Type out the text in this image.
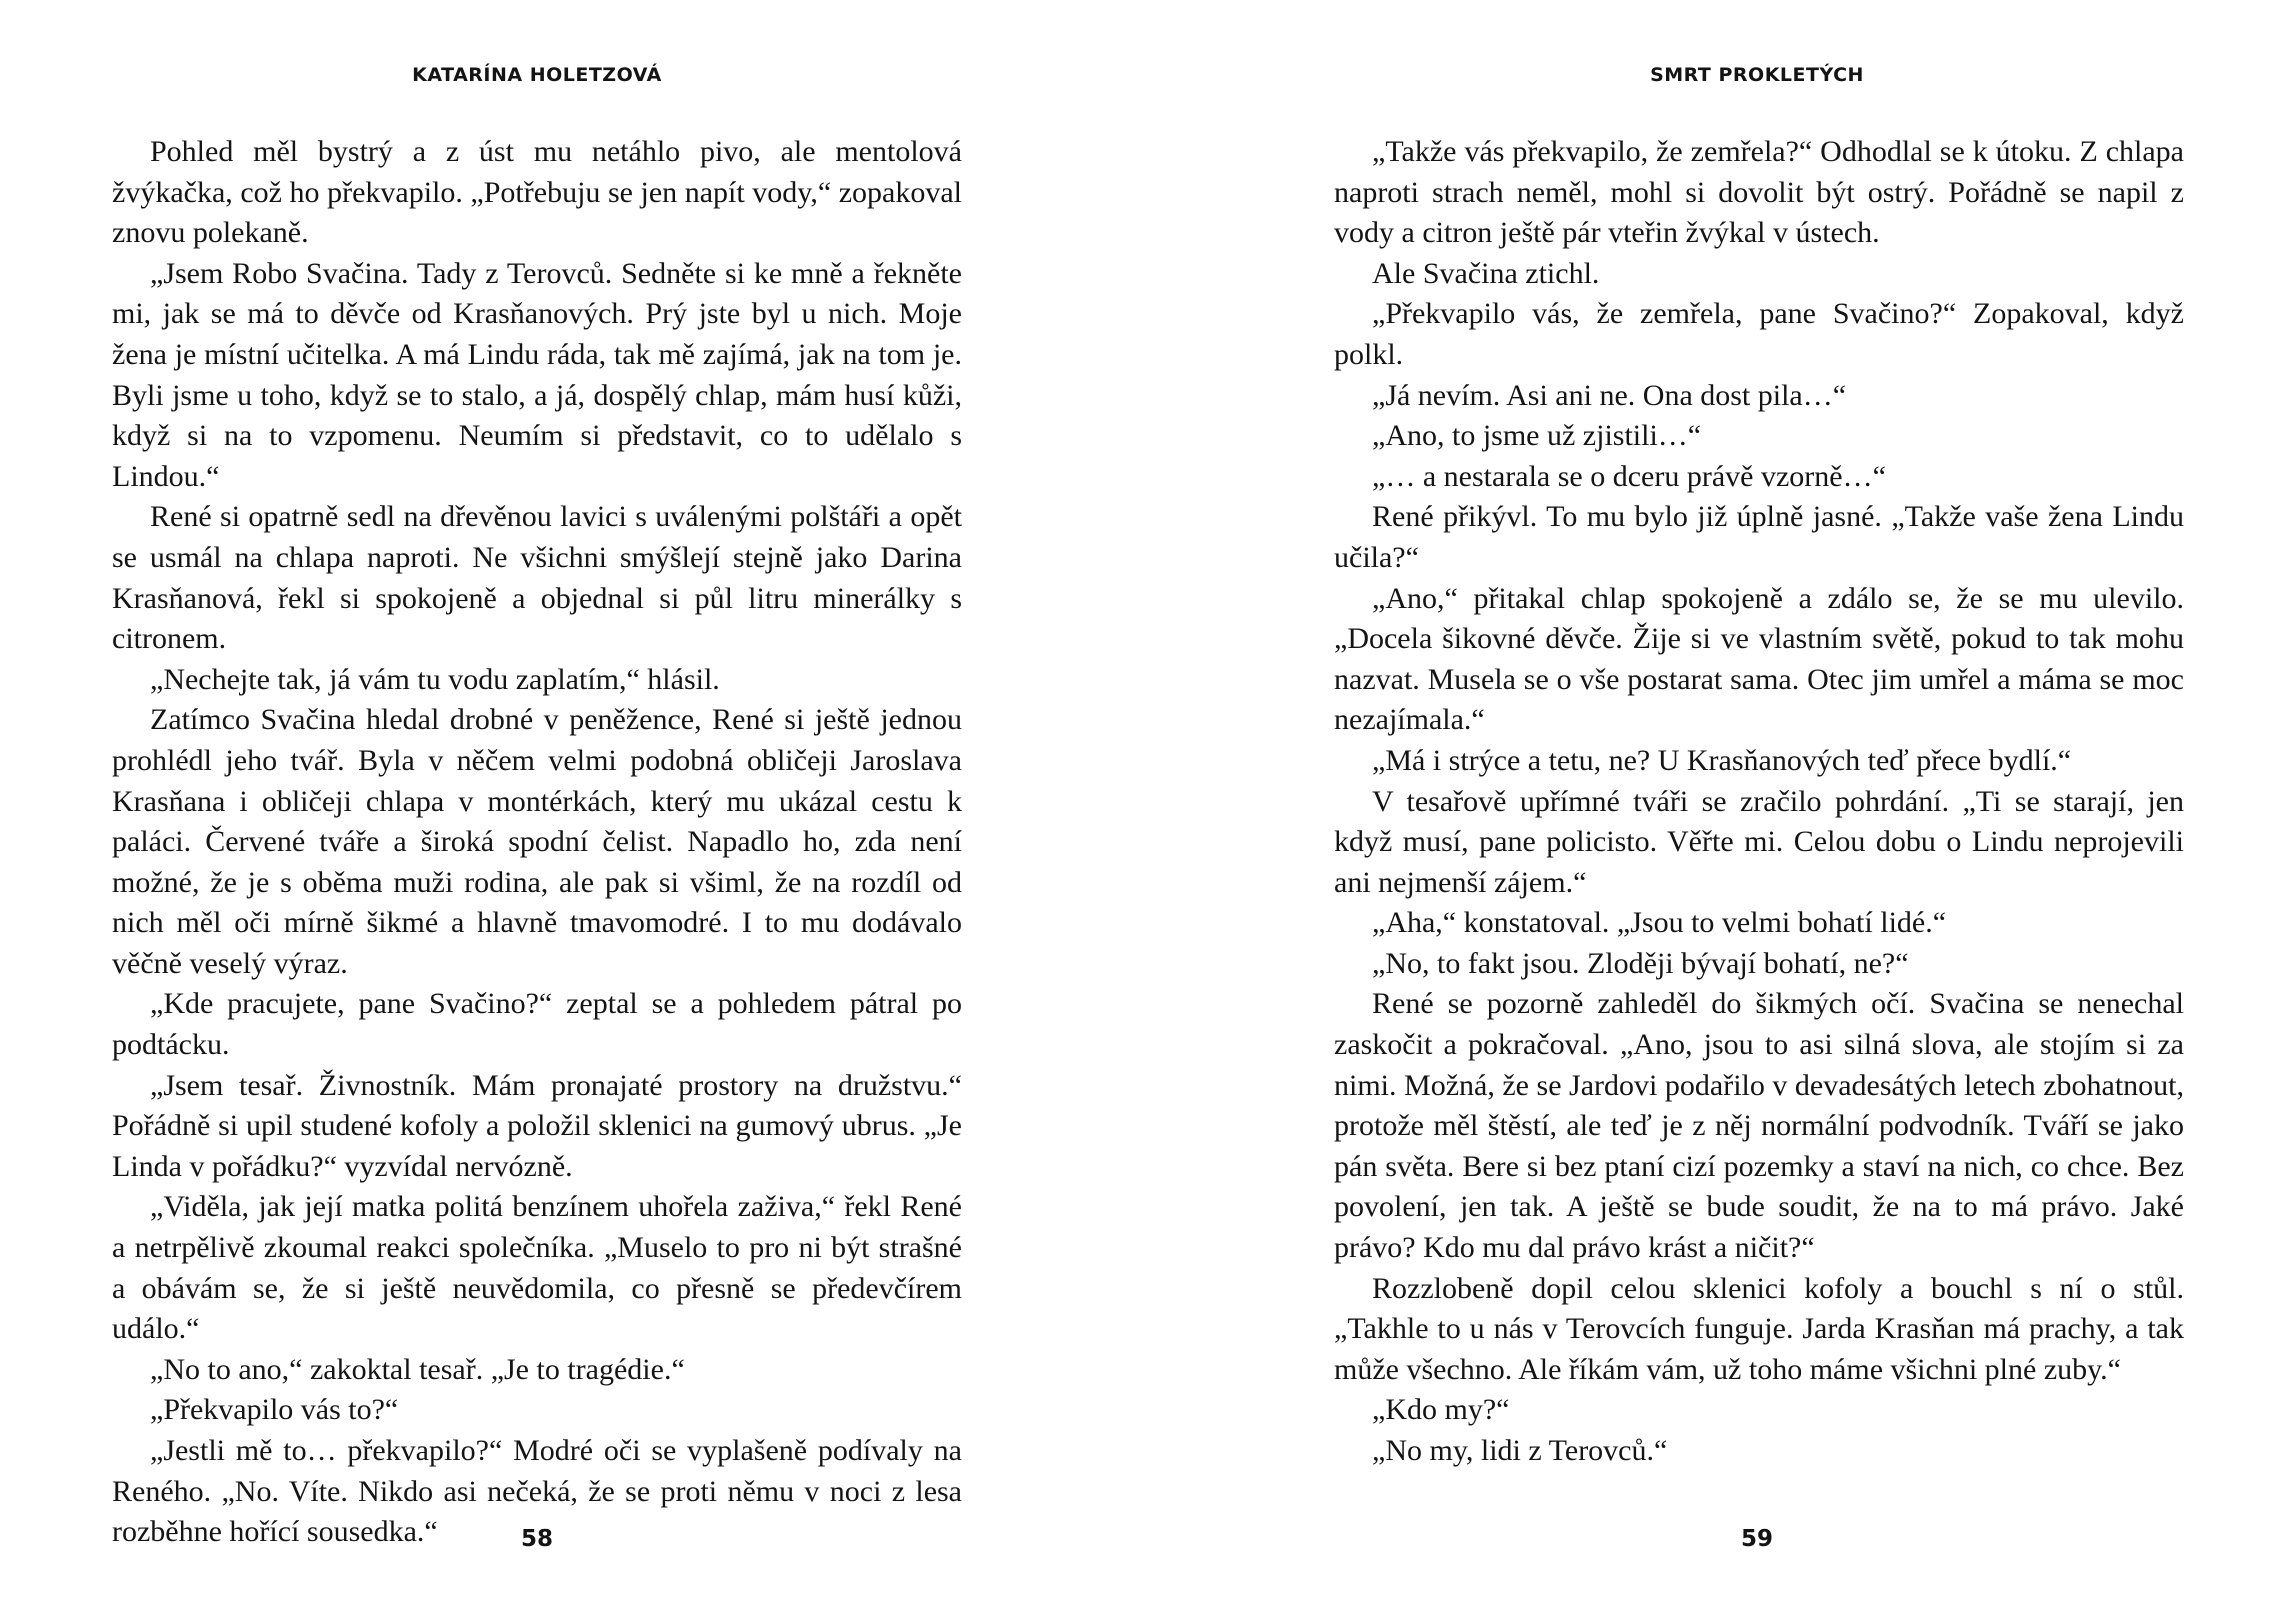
KATARÍNA HOLETZOVÁ

Pohled měl bystrý a z úst mu netáhlo pivo, ale mentolová žvýkačka, což ho překvapilo. „Potřebuju se jen napít vody,“ zopakoval znovu polekaně.

„Jsem Robo Svačina. Tady z Terovců. Sedněte si ke mně a řekněte mi, jak se má to děvče od Krasňanových. Prý jste byl u nich. Moje žena je místní učitelka. A má Lindu ráda, tak mě zajímá, jak na tom je. Byli jsme u toho, když se to stalo, a já, dospělý chlap, mám husí kůži, když si na to vzpomenu. Neumím si představit, co to udělalo s Lindou.“

René si opatrně sedl na dřevěnou lavici s uválenými polštáři a opět se usmál na chlapa naproti. Ne všichni smýšlejí stejně jako Darina Krasňanová, řekl si spokojeně a objednal si půl litru minerálky s citronem.

„Nechejte tak, já vám tu vodu zaplatím,“ hlásil.

Zatímco Svačina hledal drobné v peněžence, René si ještě jednou prohlédl jeho tvář. Byla v něčem velmi podobná obličeji Jaroslava Krasňana i obličeji chlapa v montérkách, který mu ukázal cestu k paláci. Červené tváře a široká spodní čelist. Napadlo ho, zda není možné, že je s oběma muži rodina, ale pak si všiml, že na rozdíl od nich měl oči mírně šikmé a hlavně tmavomodré. I to mu dodávalo věčně veselý výraz.

„Kde pracujete, pane Svačino?“ zeptal se a pohledem pátral po podtácku.

„Jsem tesař. Živnostník. Mám pronajaté prostory na družstvu.“ Pořádně si upil studené kofoly a položil sklenici na gumový ubrus. „Je Linda v pořádku?“ vyzvídal nervózně.

„Viděla, jak její matka politá benzínem uhořela zaživa,“ řekl René a netrpělivě zkoumal reakci společníka. „Muselo to pro ni být strašné a obávám se, že si ještě neuvědomila, co přesně se předevčírem událo.“

„No to ano,“ zakoktal tesař. „Je to tragédie.“

„Překvapilo vás to?“

„Jestli mě to… překvapilo?“ Modré oči se vyplašeně podívaly na Reného. „No. Víte. Nikdo asi nečeká, že se proti němu v noci z lesa rozběhne hořící sousedka.“	58
SMRT PROKLETÝCH

„Takže vás překvapilo, že zemřela?“ Odhodlal se k útoku. Z chlapa naproti strach neměl, mohl si dovolit být ostrý. Pořádně se napil z vody a citron ještě pár vteřin žvýkal v ústech.

Ale Svačina ztichl.

„Překvapilo vás, že zemřela, pane Svačino?“ Zopakoval, když polkl.

„Já nevím. Asi ani ne. Ona dost pila…“

„Ano, to jsme už zjistili…“

„… a nestarala se o dceru právě vzorně…“

René přikývl. To mu bylo již úplně jasné. „Takže vaše žena Lindu učila?“

„Ano,“ přitakal chlap spokojeně a zdálo se, že se mu ulevilo. „Docela šikovné děvče. Žije si ve vlastním světě, pokud to tak mohu nazvat. Musela se o vše postarat sama. Otec jim umřel a máma se moc nezajímala.“

„Má i strýce a tetu, ne? U Krasňanových teď přece bydlí.“

V tesařově upřímné tváři se zračilo pohrdání. „Ti se starají, jen když musí, pane policisto. Věřte mi. Celou dobu o Lindu neprojevili ani nejmenší zájem.“

„Aha,“ konstatoval. „Jsou to velmi bohatí lidé.“

„No, to fakt jsou. Zloději bývají bohatí, ne?“

René se pozorně zahleděl do šikmých očí. Svačina se nenechal zaskočit a pokračoval. „Ano, jsou to asi silná slova, ale stojím si za nimi. Možná, že se Jardovi podařilo v devadesátých letech zbohatnout, protože měl štěstí, ale teď je z něj normální podvodník. Tváří se jako pán světa. Bere si bez ptaní cizí pozemky a staví na nich, co chce. Bez povolení, jen tak. A ještě se bude soudit, že na to má právo. Jaké právo? Kdo mu dal právo krást a ničit?“

Rozzlobeně dopil celou sklenici kofoly a bouchl s ní o stůl. „Takhle to u nás v Terovcích funguje. Jarda Krasňan má prachy, a tak může všechno. Ale říkám vám, už toho máme všichni plné zuby.“

„Kdo my?“

„No my, lidi z Terovců.“

59
